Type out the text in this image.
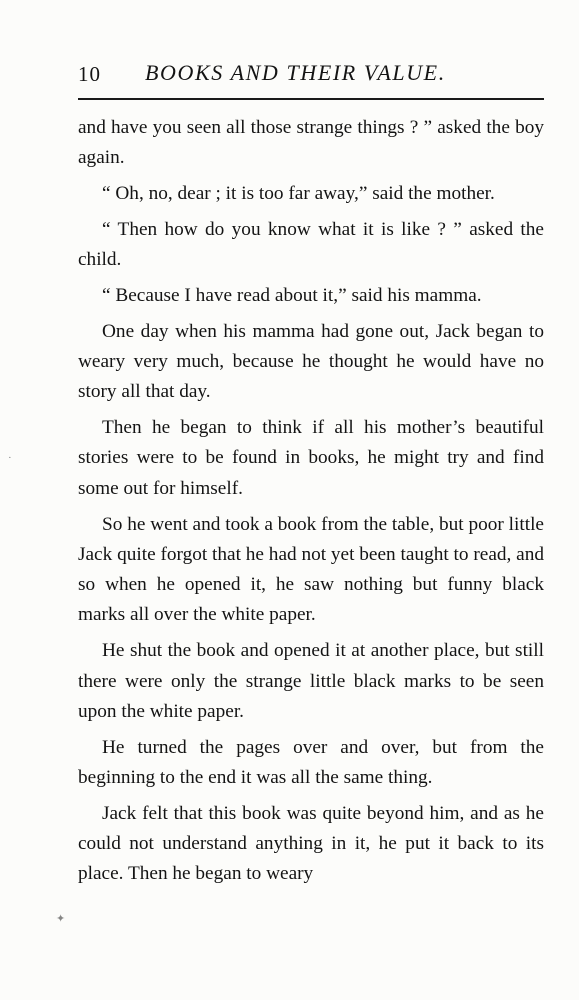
10 BOOKS AND THEIR VALUE.

and have you seen all those strange things ? ” asked the boy again.

“ Oh, no, dear ; it is too far away,” said the mother.

“ Then how do you know what it is like ? ” asked the child.

“ Because I have read about it,” said his mamma.

One day when his mamma had gone out, Jack began to weary very much, because he thought he would have no story all that day.

Then he began to think if all his mother’s beautiful stories were to be found in books, he might try and find some out for himself.

So he went and took a book from the table, but poor little Jack quite forgot that he had not yet been taught to read, and so when he opened it, he saw nothing but funny black marks all over the white paper.

He shut the book and opened it at another place, but still there were only the strange little black marks to be seen upon the white paper.

He turned the pages over and over, but from the beginning to the end it was all the same thing.

Jack felt that this book was quite beyond him, and as he could not understand anything in it, he put it back to its place. Then he began to weary

✦
·
